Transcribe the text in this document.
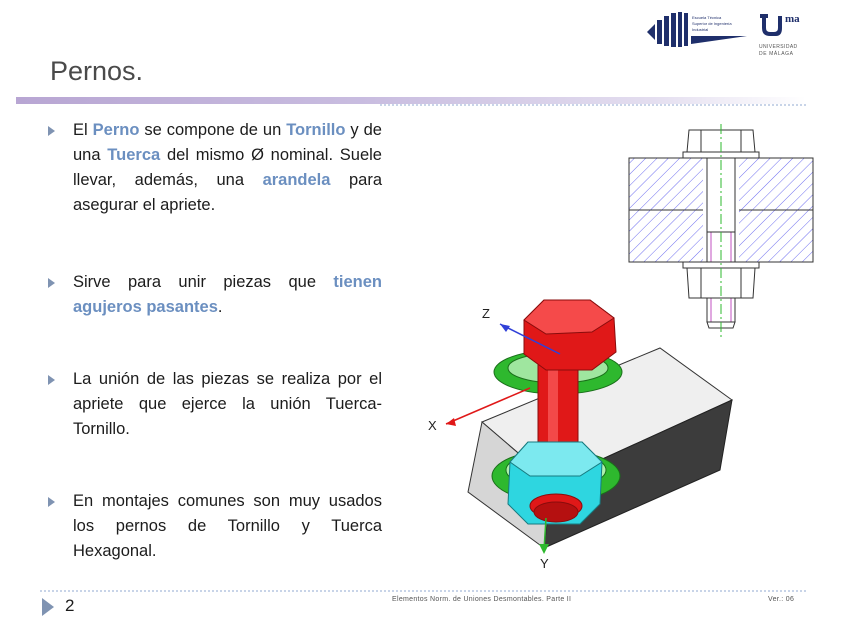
Escuela Técnica
Superior de Ingeniería
Industrial
ma
UNIVERSIDAD
DE MÁLAGA
Pernos.
El Perno se compone de un Tornillo y de una Tuerca del mismo Ø nominal. Suele llevar, además, una arandela para asegurar el apriete.
Sirve para unir piezas que tienen agujeros pasantes.
La unión de las piezas se realiza por el apriete que ejerce la unión Tuerca-Tornillo.
En montajes comunes son muy usados los pernos de Tornillo y Tuerca Hexagonal.
Z
X
Y
2	Elementos Norm. de Uniones Desmontables. Parte II	Ver.: 06
